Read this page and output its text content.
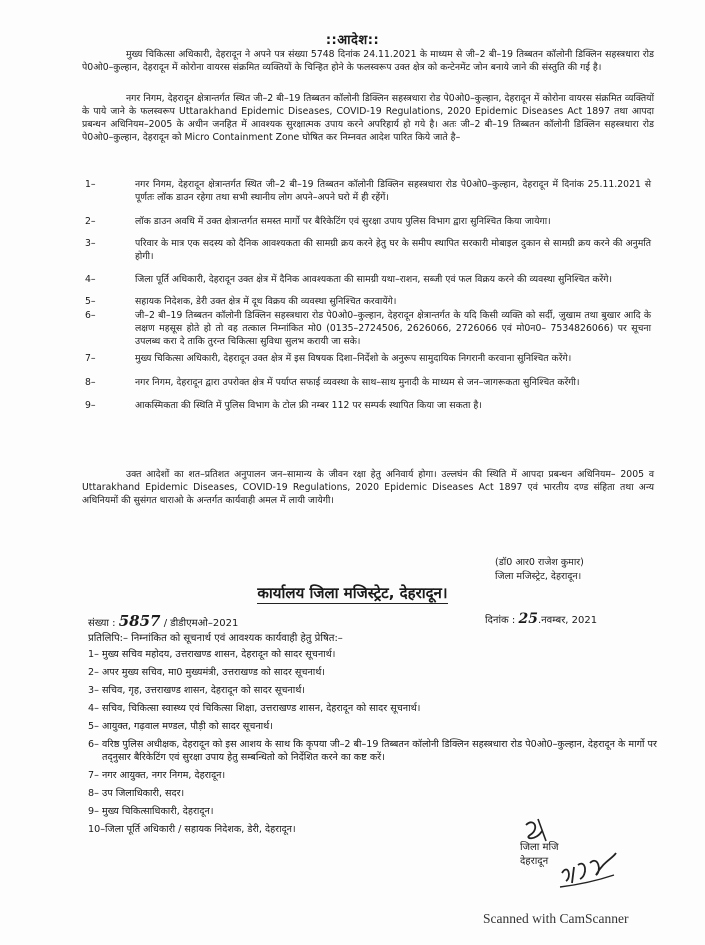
::आदेश::
मुख्य चिकित्सा अधिकारी, देहरादून ने अपने पत्र संख्या 5748 दिनांक 24.11.2021 के माध्यम से जी–2 बी–19 तिब्बतन कॉलोनी डिक्लिन सहस्त्रधारा रोड पे0ओ0–कुल्हान, देहरादून में कोरोना वायरस संक्रमित व्यक्तियों के चिन्हित होने के फलस्वरूप उक्त क्षेत्र को कन्टेनमेंट जोन बनाये जाने की संस्तुति की गई है।
नगर निगम, देहरादून क्षेत्रान्तर्गत स्थित जी–2 बी–19 तिब्बतन कॉलोनी डिक्लिन सहस्त्रधारा रोड पे0ओ0–कुल्हान, देहरादून में कोरोना वायरस संक्रमित व्यक्तियों के पाये जाने के फलस्वरूप Uttarakhand Epidemic Diseases, COVID-19 Regulations, 2020 Epidemic Diseases Act 1897 तथा आपदा प्रबन्धन अधिनियम–2005 के अधीन जनहित में आवश्यक सुरक्षात्मक उपाय करने अपरिहार्य हो गये है। अतः जी–2 बी–19 तिब्बतन कॉलोनी डिक्लिन सहस्त्रधारा रोड पे0ओ0–कुल्हान, देहरादून को Micro Containment Zone घोषित कर निम्नवत आदेश पारित किये जाते है–
1–	नगर निगम, देहरादून क्षेत्रान्तर्गत स्थित जी–2 बी–19 तिब्बतन कॉलोनी डिक्लिन सहस्त्रधारा रोड पे0ओ0–कुल्हान, देहरादून में दिनांक 25.11.2021 से पूर्णतः लॉक डाउन रहेगा तथा सभी स्थानीय लोग अपने–अपने घरो में ही रहेंगें।
2–	लॉक डाउन अवधि में उक्त क्षेत्रान्तर्गत समस्त मार्गो पर बैरिकेटिंग एवं सुरक्षा उपाय पुलिस विभाग द्वारा सुनिश्चित किया जायेगा।
3–	परिवार के मात्र एक सदस्य को दैनिक आवश्यकता की सामग्री क्रय करने हेतु घर के समीप स्थापित सरकारी मोबाइल दुकान से सामग्री क्रय करने की अनुमति होगी।
4–	जिला पूर्ति अधिकारी, देहरादून उक्त क्षेत्र में दैनिक आवश्यकता की सामग्री यथा–राशन, सब्जी एवं फल विक्रय करने की व्यवस्था सुनिश्चित करेंगे।
5–	सहायक निदेशक, डेरी उक्त क्षेत्र में दूध विक्रय की व्यवस्था सुनिश्चित करवायेंगे।
6–	जी–2 बी–19 तिब्बतन कॉलोनी डिक्लिन सहस्त्रधारा रोड पे0ओ0–कुल्हान, देहरादून क्षेत्रान्तर्गत के यदि किसी व्यक्ति को सर्दी, जुखाम तथा बुखार आदि के लक्षण महसूस होते हो तो वह तत्काल निम्नांकित मो0 (0135–2724506, 2626066, 2726066 एवं मो0न0– 7534826066) पर सूचना उपलब्ध करा दे ताकि तुरन्त चिकित्सा सुविधा सुलभ करायी जा सके।
7–	मुख्य चिकित्सा अधिकारी, देहरादून उक्त क्षेत्र में इस विषयक दिशा–निर्देशो के अनुरूप सामुदायिक निगरानी करवाना सुनिश्चित करेंगे।
8–	नगर निगम, देहरादून द्वारा उपरोक्त क्षेत्र में पर्याप्त सफाई व्यवस्था के साथ–साथ मुनादी के माध्यम से जन–जागरूकता सुनिश्चित करेंगी।
9–	आकस्मिकता की स्थिति में पुलिस विभाग के टोल फ्री नम्बर 112 पर सम्पर्क स्थापित किया जा सकता है।
उक्त आदेशों का शत–प्रतिशत अनुपालन जन–सामान्य के जीवन रक्षा हेतु अनिवार्य होगा। उल्लघंन की स्थिति में आपदा प्रबन्धन अधिनियम– 2005 व Uttarakhand Epidemic Diseases, COVID-19 Regulations, 2020 Epidemic Diseases Act 1897 एवं भारतीय दण्ड संहिता तथा अन्य अधिनियमों की सुसंगत धाराओ के अन्तर्गत कार्यवाही अमल में लायी जायेगी।
(डॉ0 आर0 राजेश कुमार)
जिला मजिस्ट्रेट, देहरादून।
कार्यालय जिला मजिस्ट्रेट, देहरादून।
संख्या : 5857 / डीडीएमओ–2021	दिनांक : 25.नवम्बर, 2021
प्रतिलिपि:– निम्नांकित को सूचनार्थ एवं आवश्यक कार्यवाही हेतु प्रेषित:–
1– मुख्य सचिव महोदय, उत्तराखण्ड शासन, देहरादून को सादर सूचनार्थ।
2– अपर मुख्य सचिव, मा0 मुख्यमंत्री, उत्तराखण्ड को सादर सूचनार्थ।
3– सचिव, गृह, उत्तराखण्ड शासन, देहरादून को सादर सूचनार्थ।
4– सचिव, चिकित्सा स्वास्थ्य एवं चिकित्सा शिक्षा, उत्तराखण्ड शासन, देहरादून को सादर सूचनार्थ।
5– आयुक्त, गढ़वाल मण्डल, पौड़ी को सादर सूचनार्थ।
6– वरिष्ठ पुलिस अधीक्षक, देहरादून को इस आशय के साथ कि कृपया जी–2 बी–19 तिब्बतन कॉलोनी डिक्लिन सहस्त्रधारा रोड पे0ओ0–कुल्हान, देहरादून के मार्गो पर तद्नुसार बैरिकेटिंग एवं सुरक्षा उपाय हेतु सम्बन्धितो को निर्देशित करने का कष्ट करें।
7– नगर आयुक्त, नगर निगम, देहरादून।
8– उप जिलाधिकारी, सदर।
9– मुख्य चिकित्साधिकारी, देहरादून।
10–जिला पूर्ति अधिकारी / सहायक निदेशक, डेरी, देहरादून।
जिला मजि
देहरादून
Scanned with CamScanner
